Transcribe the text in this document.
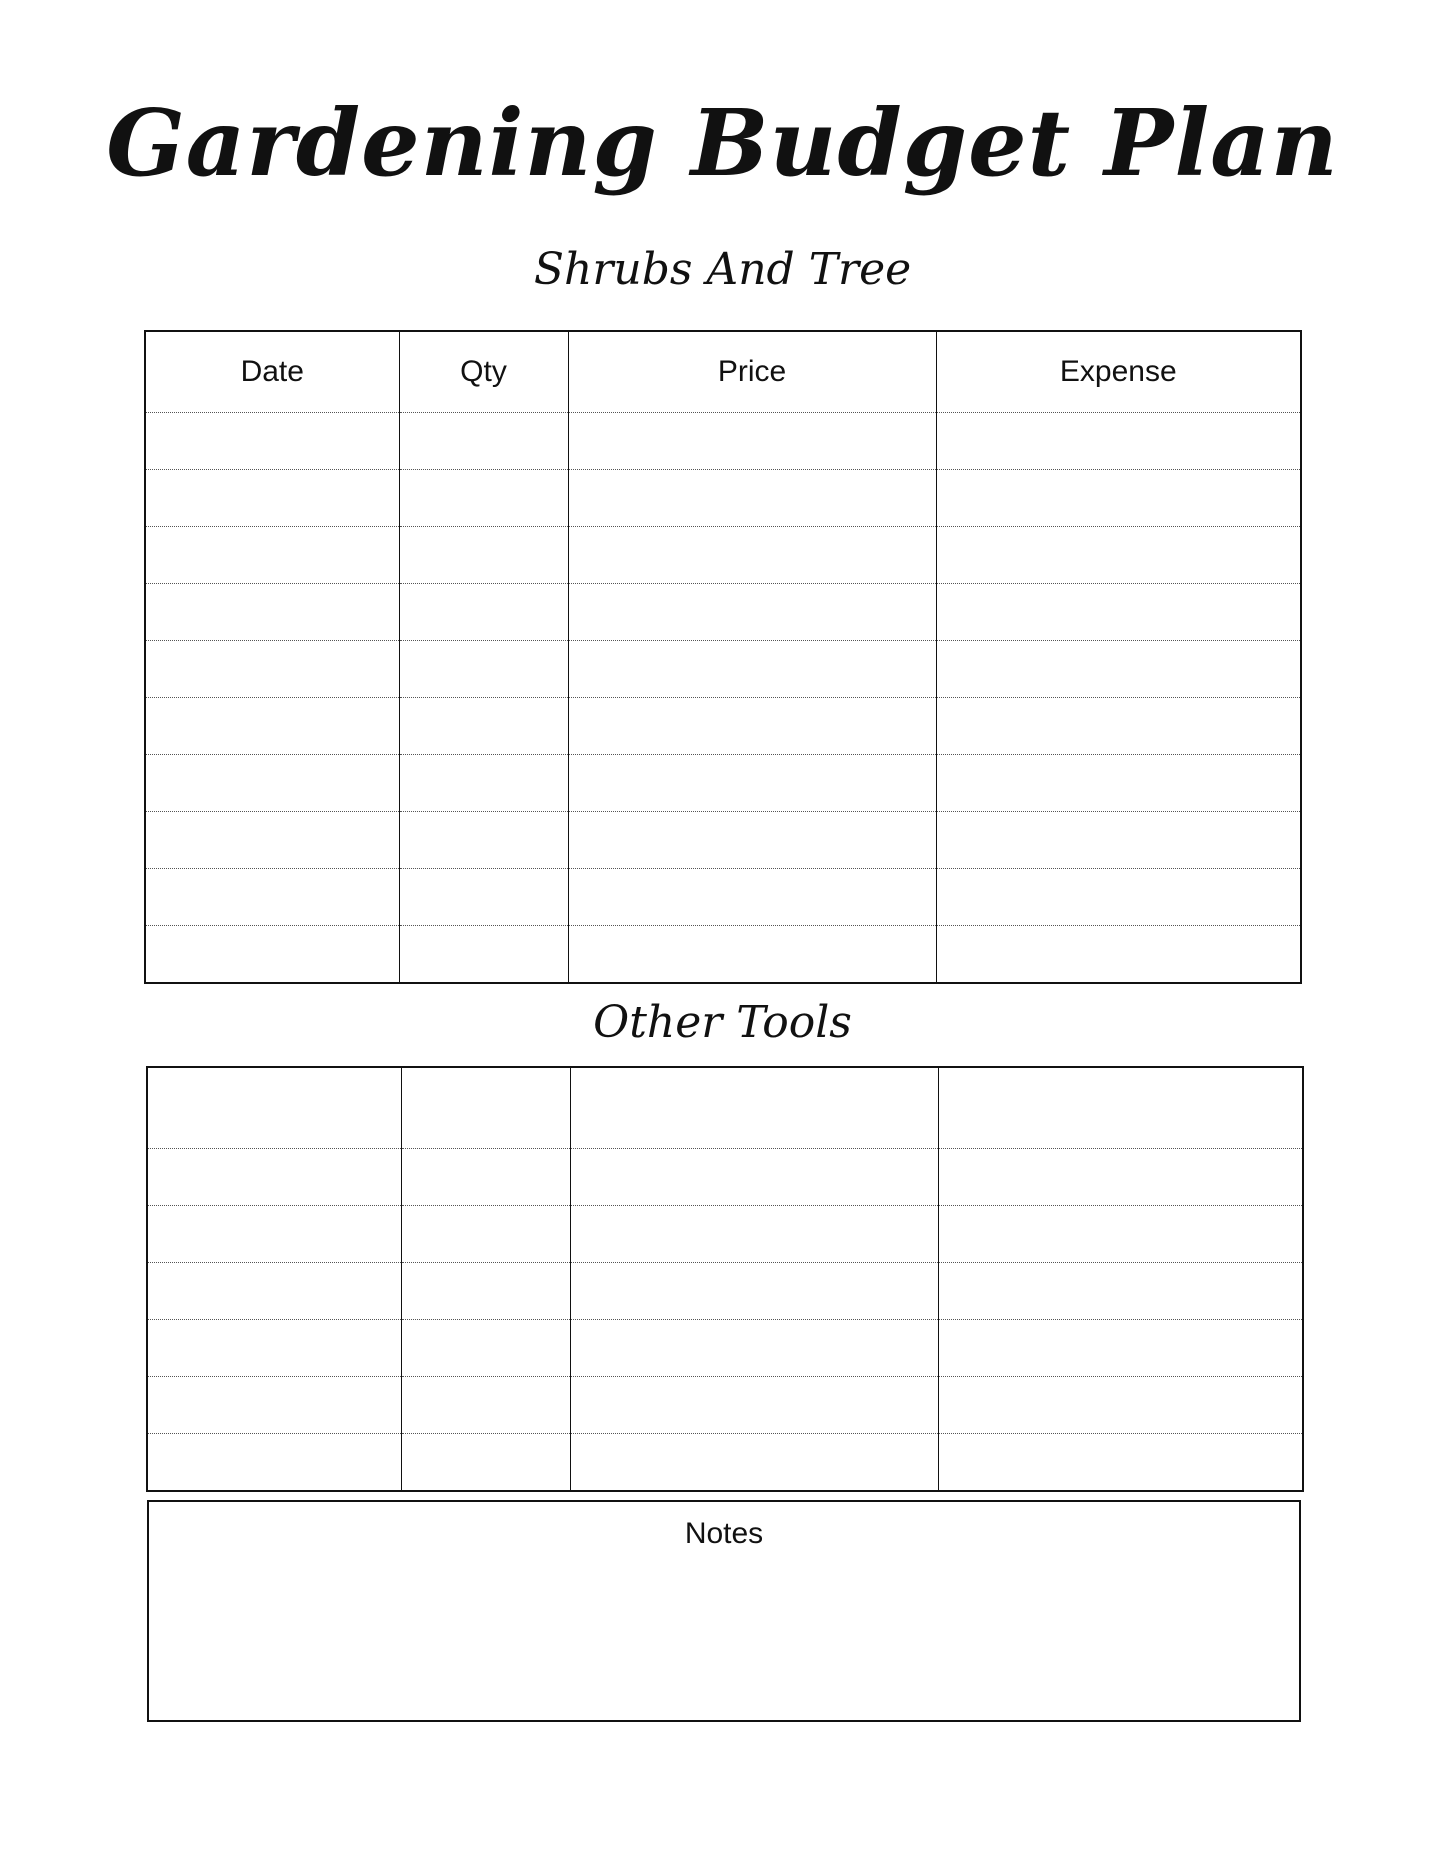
Gardening Budget Plan
Shrubs And Tree
Date	Qty	Price	Expense

Other Tools

Notes
